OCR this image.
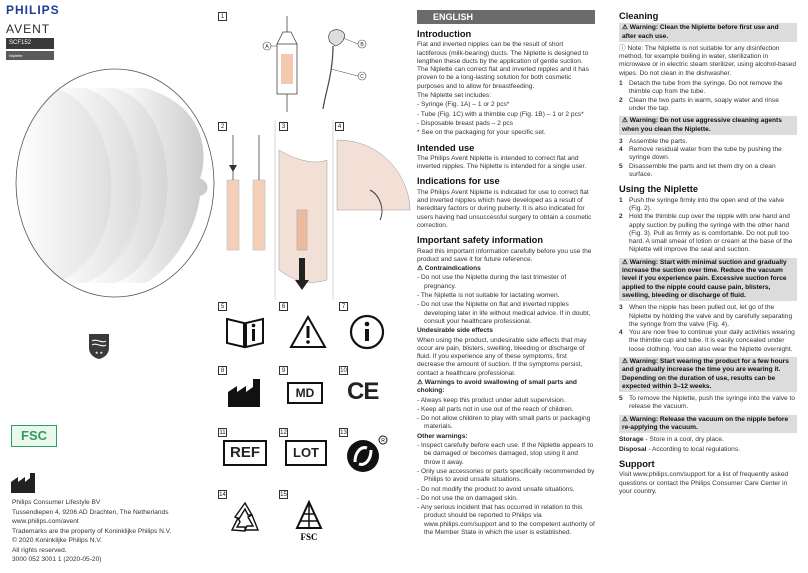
PHILIPS
AVENT
SCF152
Niplette
★ ★
FSC
Philips Consumer Lifestyle BV
Tussendiepen 4, 9206 AD Drachten, The Netherlands
www.philips.com/avent
Trademarks are the property of Koninklijke Philips N.V.
© 2020 Koninklijke Philips N.V.
All rights reserved.
3000 052 3001 1 (2020-05-20)
1
A	B
C
2	3	4
5	6	7
8	9	10
MD	CE
11	12	13
REF	LOT
R
14	15
FSC
ENGLISH
Introduction

Flat and inverted nipples can be the result of short lactiferous (milk-bearing) ducts. The Niplette is designed to lengthen these ducts by the application of gentle suction. The Niplette can correct flat and inverted nipples and it has proven to be a long-lasting solution for both cosmetic purposes and to allow for breastfeeding.

The Niplette set includes:

- Syringe (Fig. 1A) – 1 or 2 pcs*

- Tube (Fig. 1C) with a thimble cup (Fig. 1B) – 1 or 2 pcs*

- Disposable breast pads – 2 pcs

* See on the packaging for your specific set.

Intended use

The Philips Avent Niplette is intended to correct flat and inverted nipples. The Niplette is intended for a single user.

Indications for use

The Philips Avent Niplette is indicated for use to correct flat and inverted nipples which have developed as a result of hereditary factors or during puberty. It is also indicated for users having had unsuccessful surgery to obtain a cosmetic correction.

Important safety information

Read this important information carefully before you use the product and save it for future reference.

⚠ Contraindications

- Do not use the Niplette during the last trimester of pregnancy.

- The Niplette is not suitable for lactating women.

- Do not use the Niplette on flat and inverted nipples developing later in life without medical advice. If in doubt, consult your healthcare professional.

Undesirable side effects

When using the product, undesirable side effects that may occur are pain, blisters, swelling, bleeding or discharge of fluid. If you experience any of these symptoms, first decrease the amount of suction. If the symptoms persist, contact a healthcare professional.

⚠ Warnings to avoid swallowing of small parts and choking:

- Always keep this product under adult supervision.

- Keep all parts not in use out of the reach of children.

- Do not allow children to play with small parts or packaging materials.

Other warnings:

- Inspect carefully before each use. If the Niplette appears to be damaged or becomes damaged, stop using it and throw it away.

- Only use accessories or parts specifically recommended by Philips to avoid unsafe situations.

- Do not modify the product to avoid unsafe situations.

- Do not use the on damaged skin.

- Any serious incident that has occurred in relation to this product should be reported to Philips via www.philips.com/support and to the competent authority of the Member State in which the user is established.

Cleaning
⚠ Warning: Clean the Niplette before first use and after each use.

ⓘ Note: The Niplette is not suitable for any disinfection method, for example boiling in water, sterilization in microwave or in electric steam sterilizer, using alcohol-based wipes. Do not clean in the dishwasher.

1 Detach the tube from the syringe. Do not remove the thimble cup from the tube.
2 Clean the two parts in warm, soapy water and rinse under the tap.
⚠ Warning: Do not use aggressive cleaning agents when you clean the Niplette.
3 Assemble the parts.
4 Remove residual water from the tube by pushing the syringe down.
5 Disassemble the parts and let them dry on a clean surface.
Using the Niplette
1 Push the syringe firmly into the open end of the valve (Fig. 2).
2 Hold the thimble cup over the nipple with one hand and apply suction by pulling the syringe with the other hand (Fig. 3). Pull as firmly as is comfortable. Do not pull too hard. A small smear of lotion or cream at the base of the Niplette will improve the seal and suction.
⚠ Warning: Start with minimal suction and gradually increase the suction over time. Reduce the vacuum level if you experience pain. Excessive suction force applied to the nipple could cause pain, blisters, swelling, bleeding or discharge of fluid.
3 When the nipple has been pulled out, let go of the Niplette by holding the valve and by carefully separating the syringe from the valve (Fig. 4).
4 You are now free to continue your daily activities wearing the thimble cup and tube. It is easily concealed under loose clothing. You can also wear the Niplette overnight.
⚠ Warning: Start wearing the product for a few hours and gradually increase the time you are wearing it. Depending on the duration of use, results can be expected within 3–12 weeks.
5 To remove the Niplette, push the syringe into the valve to release the vacuum.
⚠ Warning: Release the vacuum on the nipple before re-applying the vacuum.

Storage - Store in a cool, dry place.

Disposal - According to local regulations.

Support

Visit www.philips.com/support for a list of frequently asked questions or contact the Philips Consumer Care Center in your country.
